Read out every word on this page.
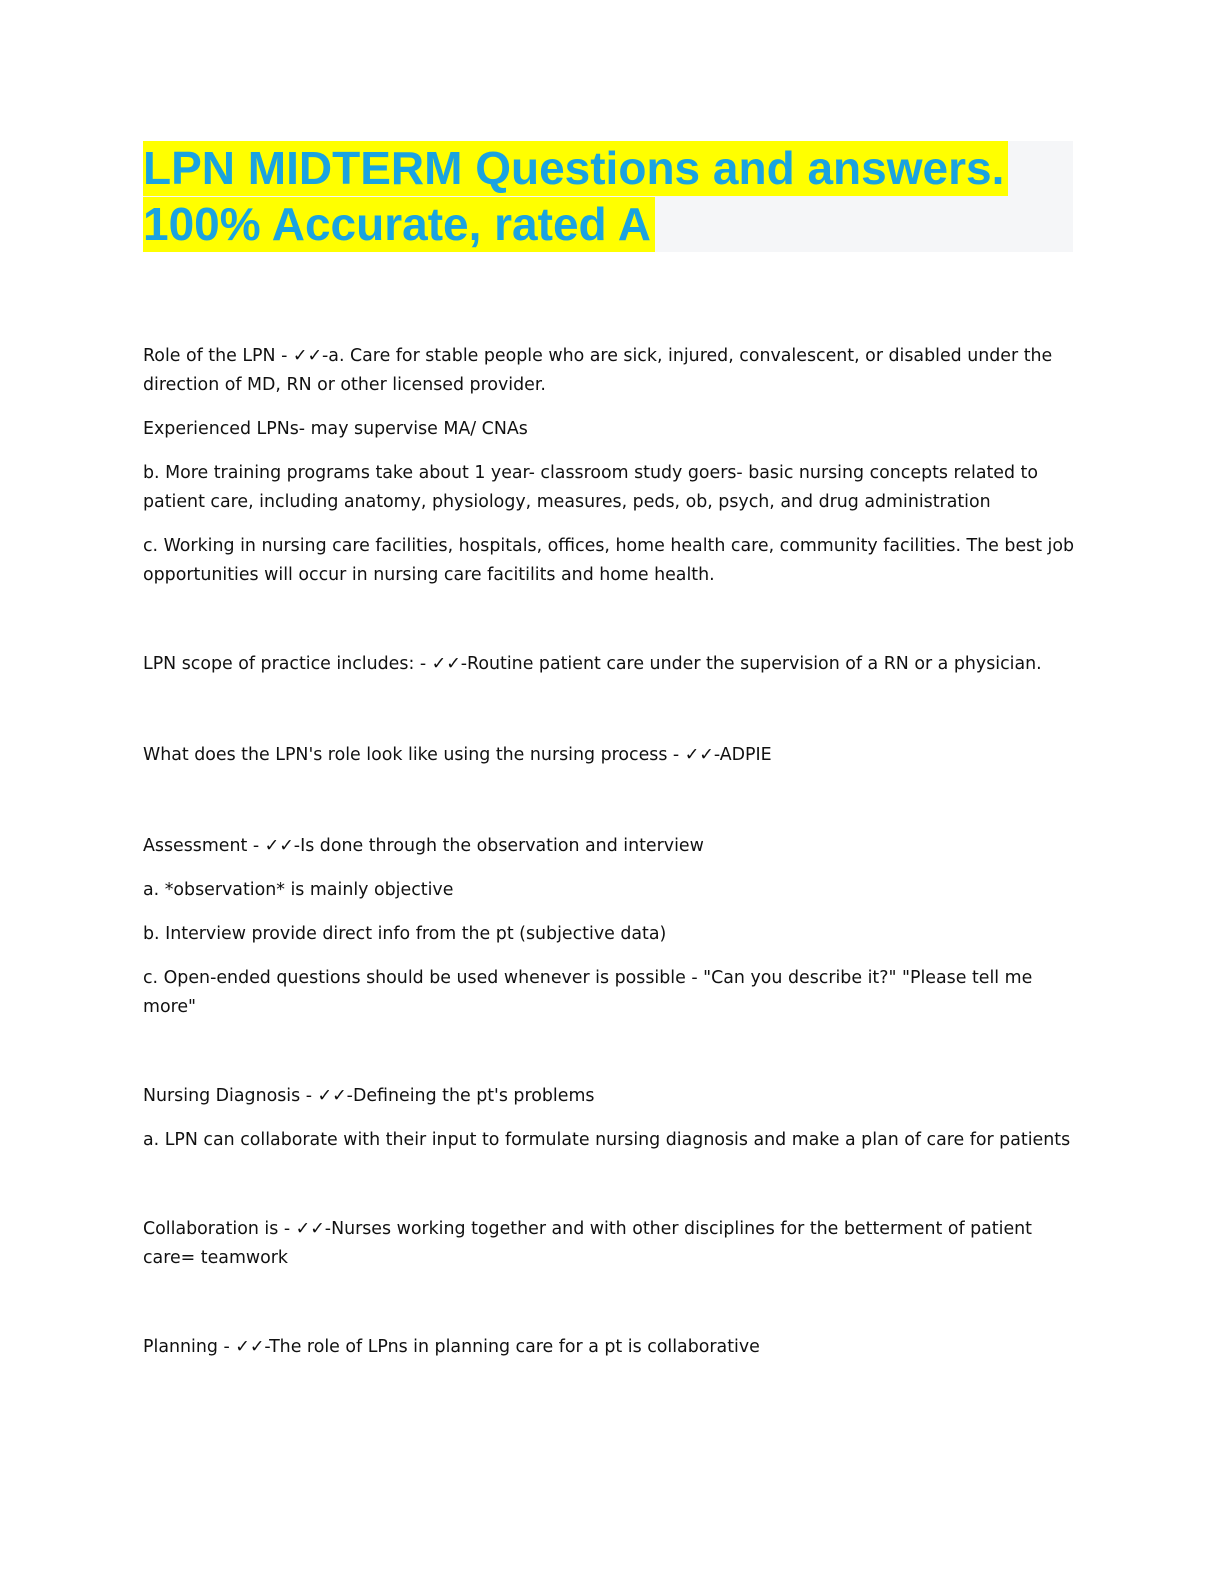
LPN MIDTERM Questions and answers.
100% Accurate, rated A

Role of the LPN - ✓✓-a. Care for stable people who are sick, injured, convalescent, or disabled under the direction of MD, RN or other licensed provider.

Experienced LPNs- may supervise MA/ CNAs

b. More training programs take about 1 year- classroom study goers- basic nursing concepts related to patient care, including anatomy, physiology, measures, peds, ob, psych, and drug administration

c. Working in nursing care facilities, hospitals, offices, home health care, community facilities. The best job opportunities will occur in nursing care facitilits and home health.

LPN scope of practice includes: - ✓✓-Routine patient care under the supervision of a RN or a physician.

What does the LPN's role look like using the nursing process - ✓✓-ADPIE

Assessment - ✓✓-Is done through the observation and interview

a. *observation* is mainly objective

b. Interview provide direct info from the pt (subjective data)

c. Open-ended questions should be used whenever is possible - "Can you describe it?" "Please tell me more"

Nursing Diagnosis - ✓✓-Defineing the pt's problems

a. LPN can collaborate with their input to formulate nursing diagnosis and make a plan of care for patients

Collaboration is - ✓✓-Nurses working together and with other disciplines for the betterment of patient care= teamwork

Planning - ✓✓-The role of LPns in planning care for a pt is collaborative
